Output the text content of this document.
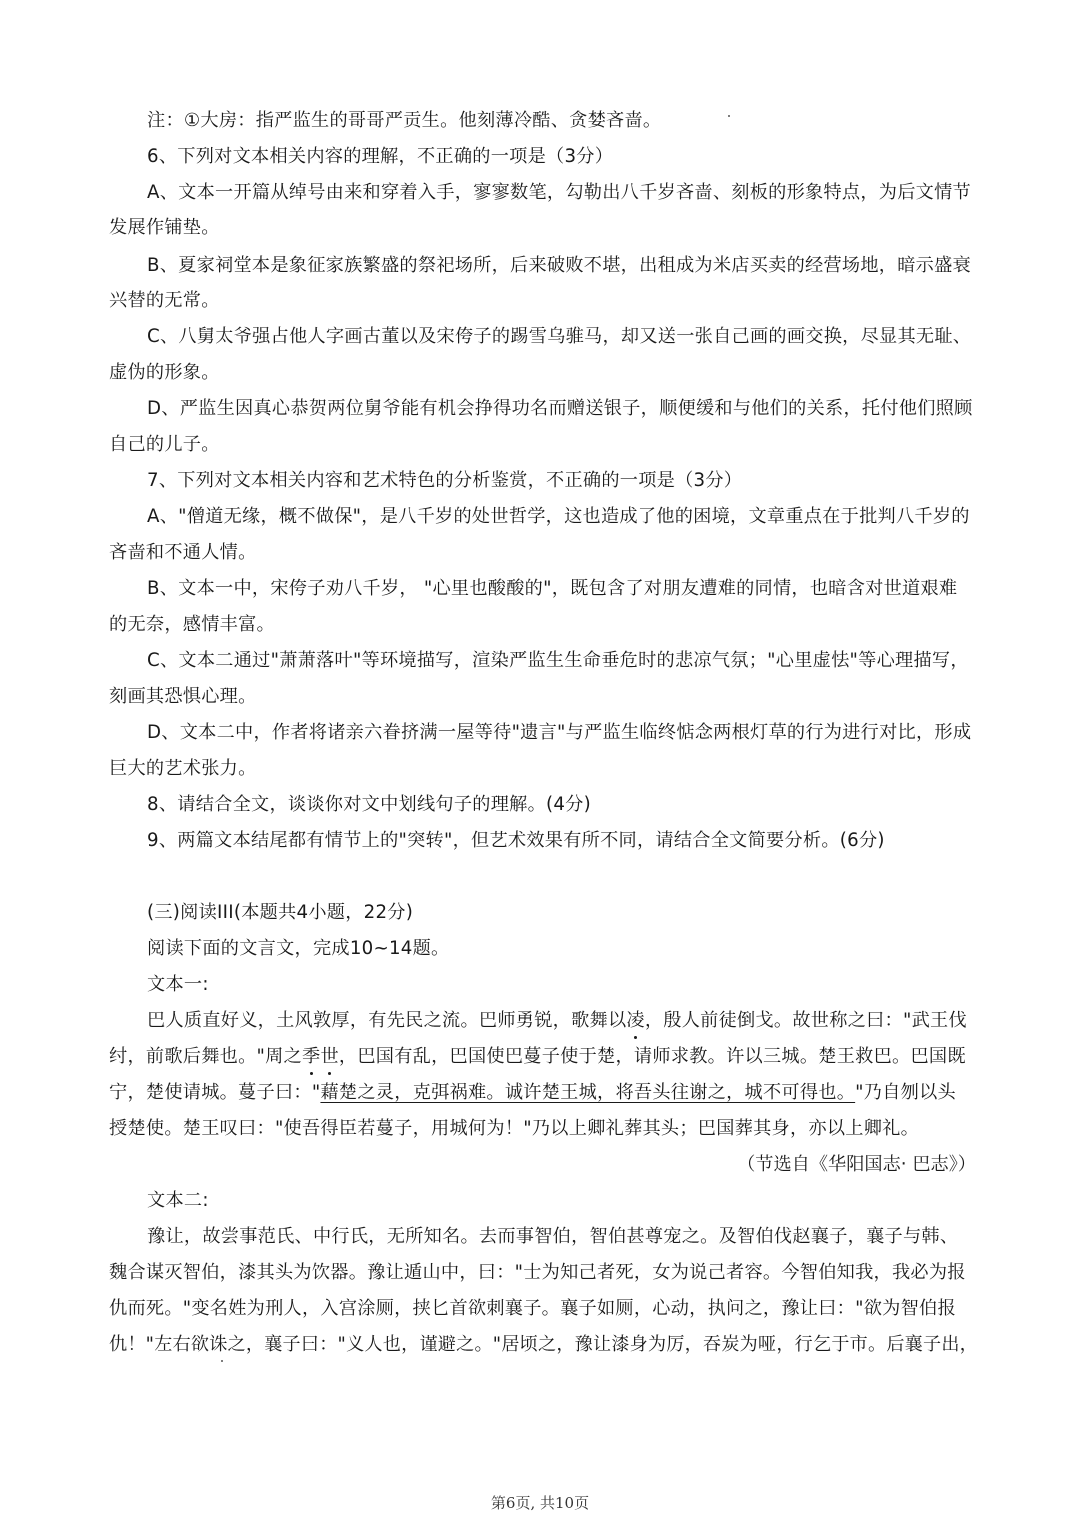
注：①大房：指严监生的哥哥严贡生。他刻薄冷酷、贪婪吝啬。
6、下列对文本相关内容的理解，不正确的一项是（3分）
A、文本一开篇从绰号由来和穿着入手，寥寥数笔，勾勒出八千岁吝啬、刻板的形象特点，为后文情节
发展作铺垫。
B、夏家祠堂本是象征家族繁盛的祭祀场所，后来破败不堪，出租成为米店买卖的经营场地，暗示盛衰
兴替的无常。
C、八舅太爷强占他人字画古董以及宋侉子的踢雪乌骓马，却又送一张自己画的画交换，尽显其无耻、
虚伪的形象。
D、严监生因真心恭贺两位舅爷能有机会挣得功名而赠送银子，顺便缓和与他们的关系，托付他们照顾
自己的儿子。
7、下列对文本相关内容和艺术特色的分析鉴赏，不正确的一项是（3分）
A、"僧道无缘，概不做保"，是八千岁的处世哲学，这也造成了他的困境，文章重点在于批判八千岁的
吝啬和不通人情。
B、文本一中，宋侉子劝八千岁， "心里也酸酸的"，既包含了对朋友遭难的同情，也暗含对世道艰难
的无奈，感情丰富。
C、文本二通过"萧萧落叶"等环境描写，渲染严监生生命垂危时的悲凉气氛；"心里虚怯"等心理描写，
刻画其恐惧心理。
D、文本二中，作者将诸亲六眷挤满一屋等待"遗言"与严监生临终惦念两根灯草的行为进行对比，形成
巨大的艺术张力。
8、请结合全文，谈谈你对文中划线句子的理解。(4分)
9、两篇文本结尾都有情节上的"突转"，但艺术效果有所不同，请结合全文简要分析。(6分)
(三)阅读III(本题共4小题，22分)
阅读下面的文言文，完成10~14题。
文本一:
巴人质直好义，土风敦厚，有先民之流。巴师勇锐，歌舞以凌，殷人前徒倒戈。故世称之曰："武王伐
纣，前歌后舞也。"周之季世，巴国有乱，巴国使巴蔓子使于楚，请师求教。许以三城。楚王救巴。巴国既
宁，楚使请城。蔓子曰："藉楚之灵，克弭祸难。诚许楚王城，将吾头往谢之，城不可得也。"乃自刎以头
授楚使。楚王叹曰："使吾得臣若蔓子，用城何为！"乃以上卿礼葬其头；巴国葬其身，亦以上卿礼。
（节选自《华阳国志· 巴志》）
文本二:
豫让，故尝事范氏、中行氏，无所知名。去而事智伯，智伯甚尊宠之。及智伯伐赵襄子，襄子与韩、
魏合谋灭智伯，漆其头为饮器。豫让遁山中，曰："士为知己者死，女为说己者容。今智伯知我，我必为报
仇而死。"变名姓为刑人，入宫涂厕，挟匕首欲刺襄子。襄子如厕，心动，执问之，豫让曰："欲为智伯报
仇！"左右欲诛之，襄子曰："义人也，谨避之。"居顷之，豫让漆身为厉，吞炭为哑，行乞于市。后襄子出，
第6页, 共10页
